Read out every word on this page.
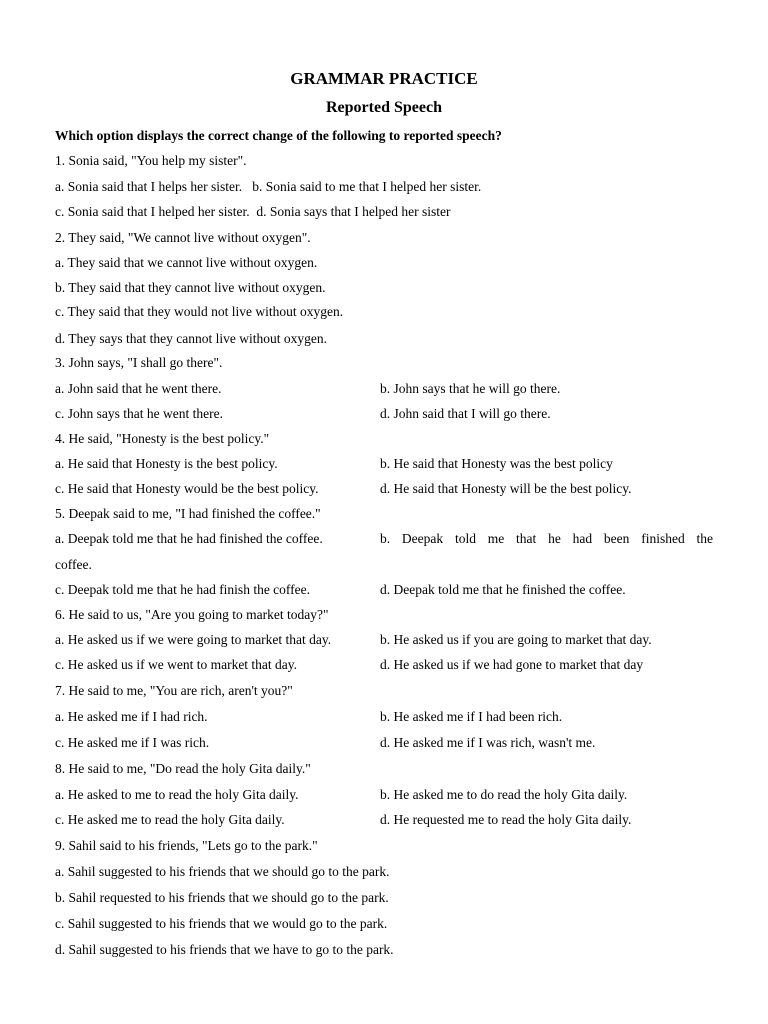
GRAMMAR PRACTICE
Reported Speech
Which option displays the correct change of the following to reported speech?
1. Sonia said, "You help my sister".
a. Sonia said that I helps her sister.   b. Sonia said to me that I helped her sister.
c. Sonia said that I helped her sister.  d. Sonia says that I helped her sister
2. They said, "We cannot live without oxygen".
a. They said that we cannot live without oxygen.
b. They said that they cannot live without oxygen.
c. They said that they would not live without oxygen.
d. They says that they cannot live without oxygen.
3. John says, "I shall go there".
a. John said that he went there.	b. John says that he will go there.
c. John says that he went there.	d. John said that I will go there.
4. He said, "Honesty is the best policy."
a. He said that Honesty is the best policy.	b. He said that Honesty was the best policy
c. He said that Honesty would be the best policy.	d. He said that Honesty will be the best policy.
5. Deepak said to me, "I had finished the coffee."
a. Deepak told me that he had finished the coffee.	b. Deepak told me that he had been finished the
coffee.
c. Deepak told me that he had finish the coffee.	d. Deepak told me that he finished the coffee.
6. He said to us, "Are you going to market today?"
a. He asked us if we were going to market that day.	b. He asked us if you are going to market that day.
c. He asked us if we went to market that day.	d. He asked us if we had gone to market that day
7. He said to me, "You are rich, aren't you?"
a. He asked me if I had rich.	b. He asked me if I had been rich.
c. He asked me if I was rich.	d. He asked me if I was rich, wasn't me.
8. He said to me, "Do read the holy Gita daily."
a. He asked to me to read the holy Gita daily.	b. He asked me to do read the holy Gita daily.
c. He asked me to read the holy Gita daily.	d. He requested me to read the holy Gita daily.
9. Sahil said to his friends, "Lets go to the park."
a. Sahil suggested to his friends that we should go to the park.
b. Sahil requested to his friends that we should go to the park.
c. Sahil suggested to his friends that we would go to the park.
d. Sahil suggested to his friends that we have to go to the park.
